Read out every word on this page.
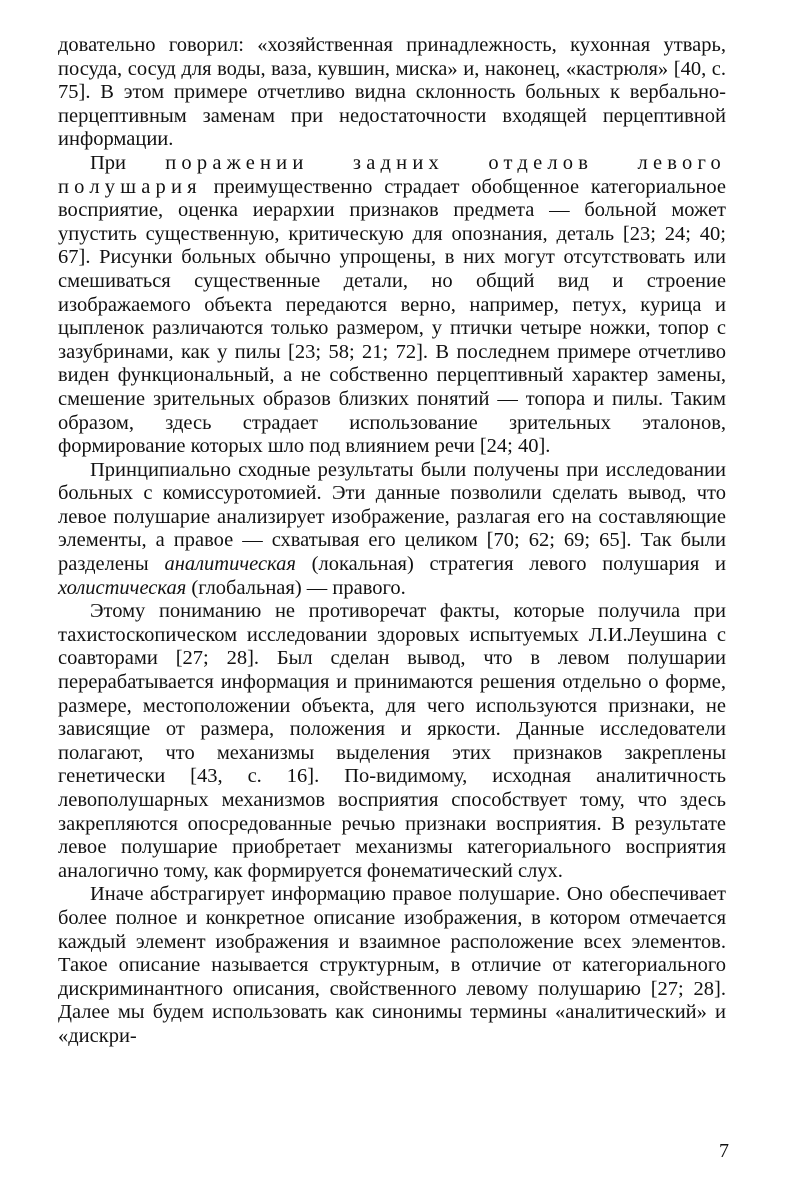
довательно говорил: «хозяйственная принадлежность, кухонная утварь, посуда, сосуд для воды, ваза, кувшин, миска» и, наконец, «кастрюля» [40, с. 75]. В этом примере отчетливо видна склонность больных к вербально-перцептивным заменам при недостаточности входящей перцептивной информации.

При поражении задних отделов левого полушария преимущественно страдает обобщенное категориальное восприятие, оценка иерархии признаков предмета — больной может упустить существенную, критическую для опознания, деталь [23; 24; 40; 67]. Рисунки больных обычно упрощены, в них могут отсутствовать или смешиваться существенные детали, но общий вид и строение изображаемого объекта передаются верно, например, петух, курица и цыпленок различаются только размером, у птички четыре ножки, топор с зазубринами, как у пилы [23; 58; 21; 72]. В последнем примере отчетливо виден функциональный, а не собственно перцептивный характер замены, смешение зрительных образов близких понятий — топора и пилы. Таким образом, здесь страдает использование зрительных эталонов, формирование которых шло под влиянием речи [24; 40].

Принципиально сходные результаты были получены при исследовании больных с комиссуротомией. Эти данные позволили сделать вывод, что левое полушарие анализирует изображение, разлагая его на составляющие элементы, а правое — схватывая его целиком [70; 62; 69; 65]. Так были разделены аналитическая (локальная) стратегия левого полушария и холистическая (глобальная) — правого.

Этому пониманию не противоречат факты, которые получила при тахистоскопическом исследовании здоровых испытуемых Л.И.Леушина с соавторами [27; 28]. Был сделан вывод, что в левом полушарии перерабатывается информация и принимаются решения отдельно о форме, размере, местоположении объекта, для чего используются признаки, не зависящие от размера, положения и яркости. Данные исследователи полагают, что механизмы выделения этих признаков закреплены генетически [43, с. 16]. По-видимому, исходная аналитичность левополушарных механизмов восприятия способствует тому, что здесь закрепляются опосредованные речью признаки восприятия. В результате левое полушарие приобретает механизмы категориального восприятия аналогично тому, как формируется фонематический слух.

Иначе абстрагирует информацию правое полушарие. Оно обеспечивает более полное и конкретное описание изображения, в котором отмечается каждый элемент изображения и взаимное расположение всех элементов. Такое описание называется структурным, в отличие от категориального дискриминантного описания, свойственного левому полушарию [27; 28]. Далее мы будем использовать как синонимы термины «аналитический» и «дискри-

7
